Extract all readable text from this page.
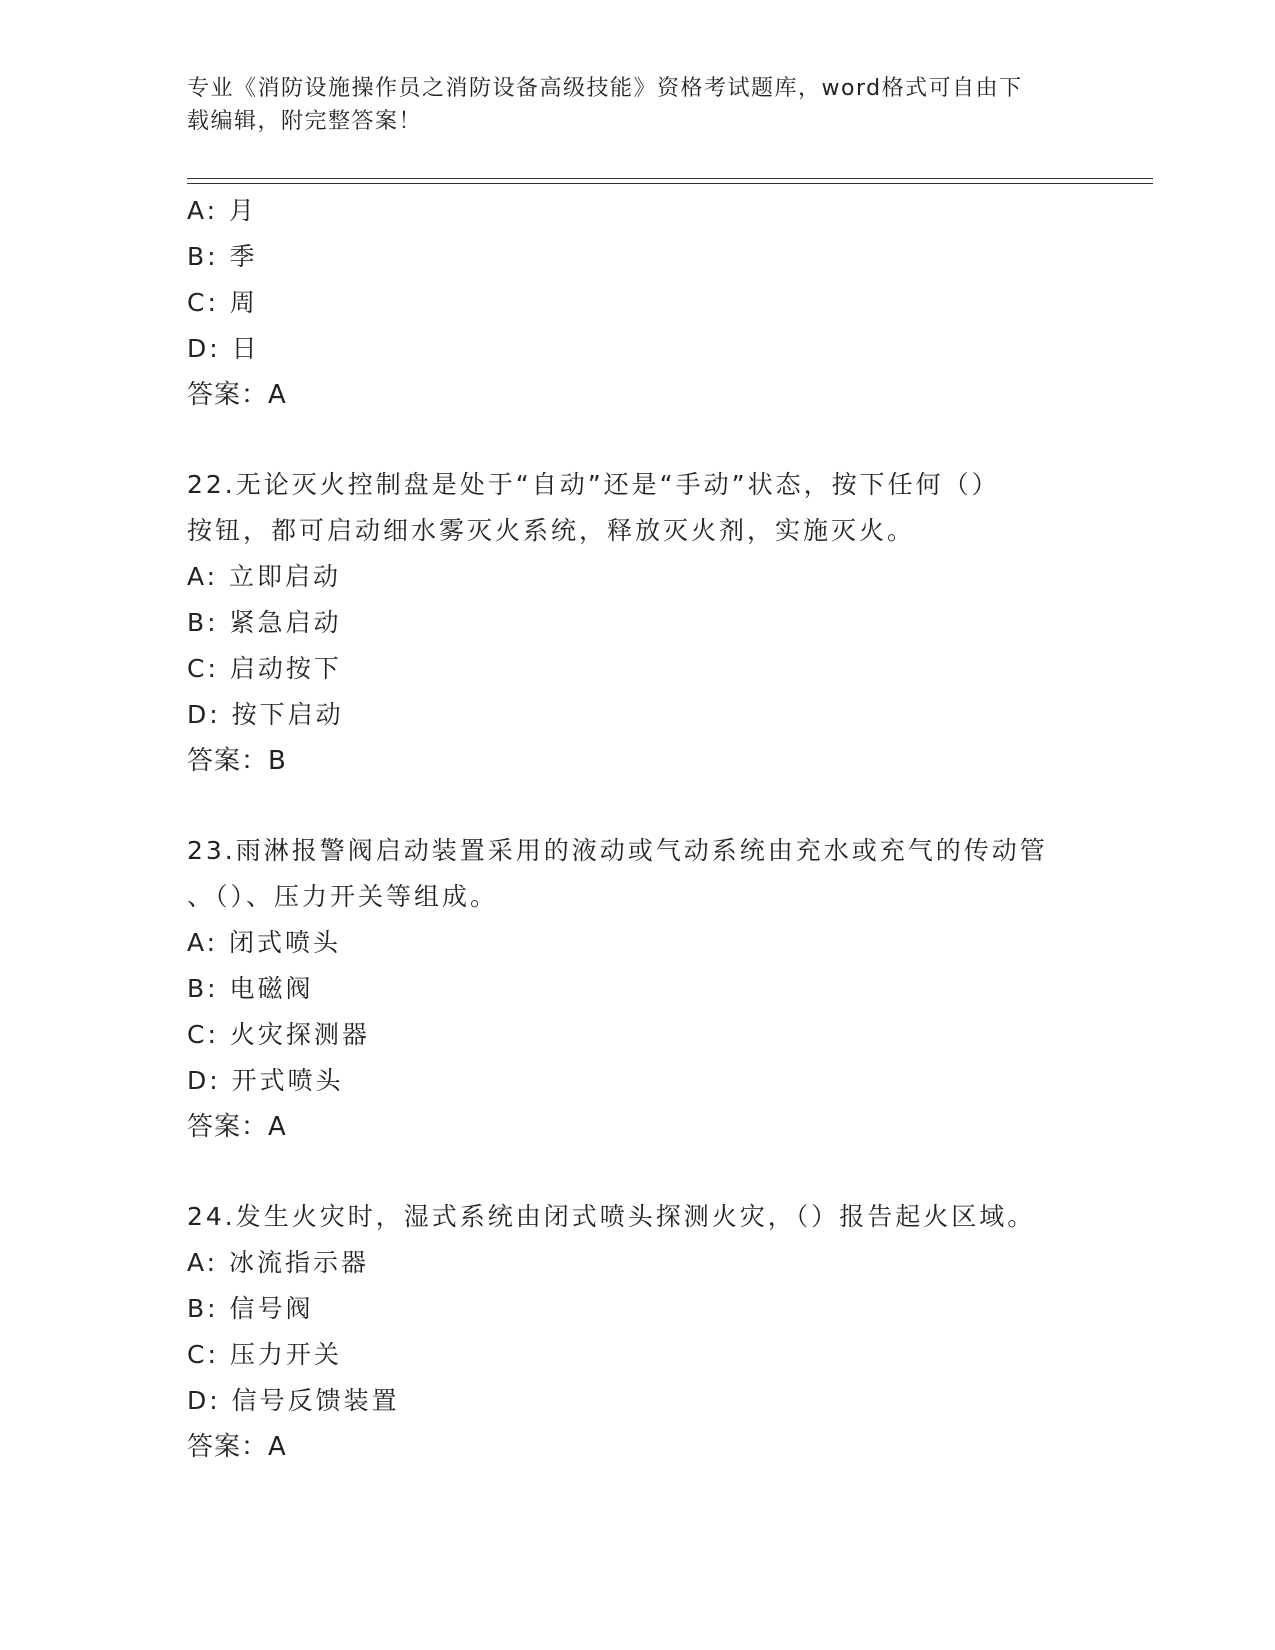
专业《消防设施操作员之消防设备高级技能》资格考试题库，word格式可自由下
载编辑，附完整答案！
A: 月
B: 季
C: 周
D: 日
答案：A
22.无论灭火控制盘是处于“自动”还是“手动”状态，按下任何（）
按钮，都可启动细水雾灭火系统，释放灭火剂，实施灭火。
A: 立即启动
B: 紧急启动
C: 启动按下
D: 按下启动
答案：B
23.雨淋报警阀启动装置采用的液动或气动系统由充水或充气的传动管
、（）、压力开关等组成。
A: 闭式喷头
B: 电磁阀
C: 火灾探测器
D: 开式喷头
答案：A
24.发生火灾时，湿式系统由闭式喷头探测火灾，（）报告起火区域。
A: 冰流指示器
B: 信号阀
C: 压力开关
D: 信号反馈装置
答案：A
